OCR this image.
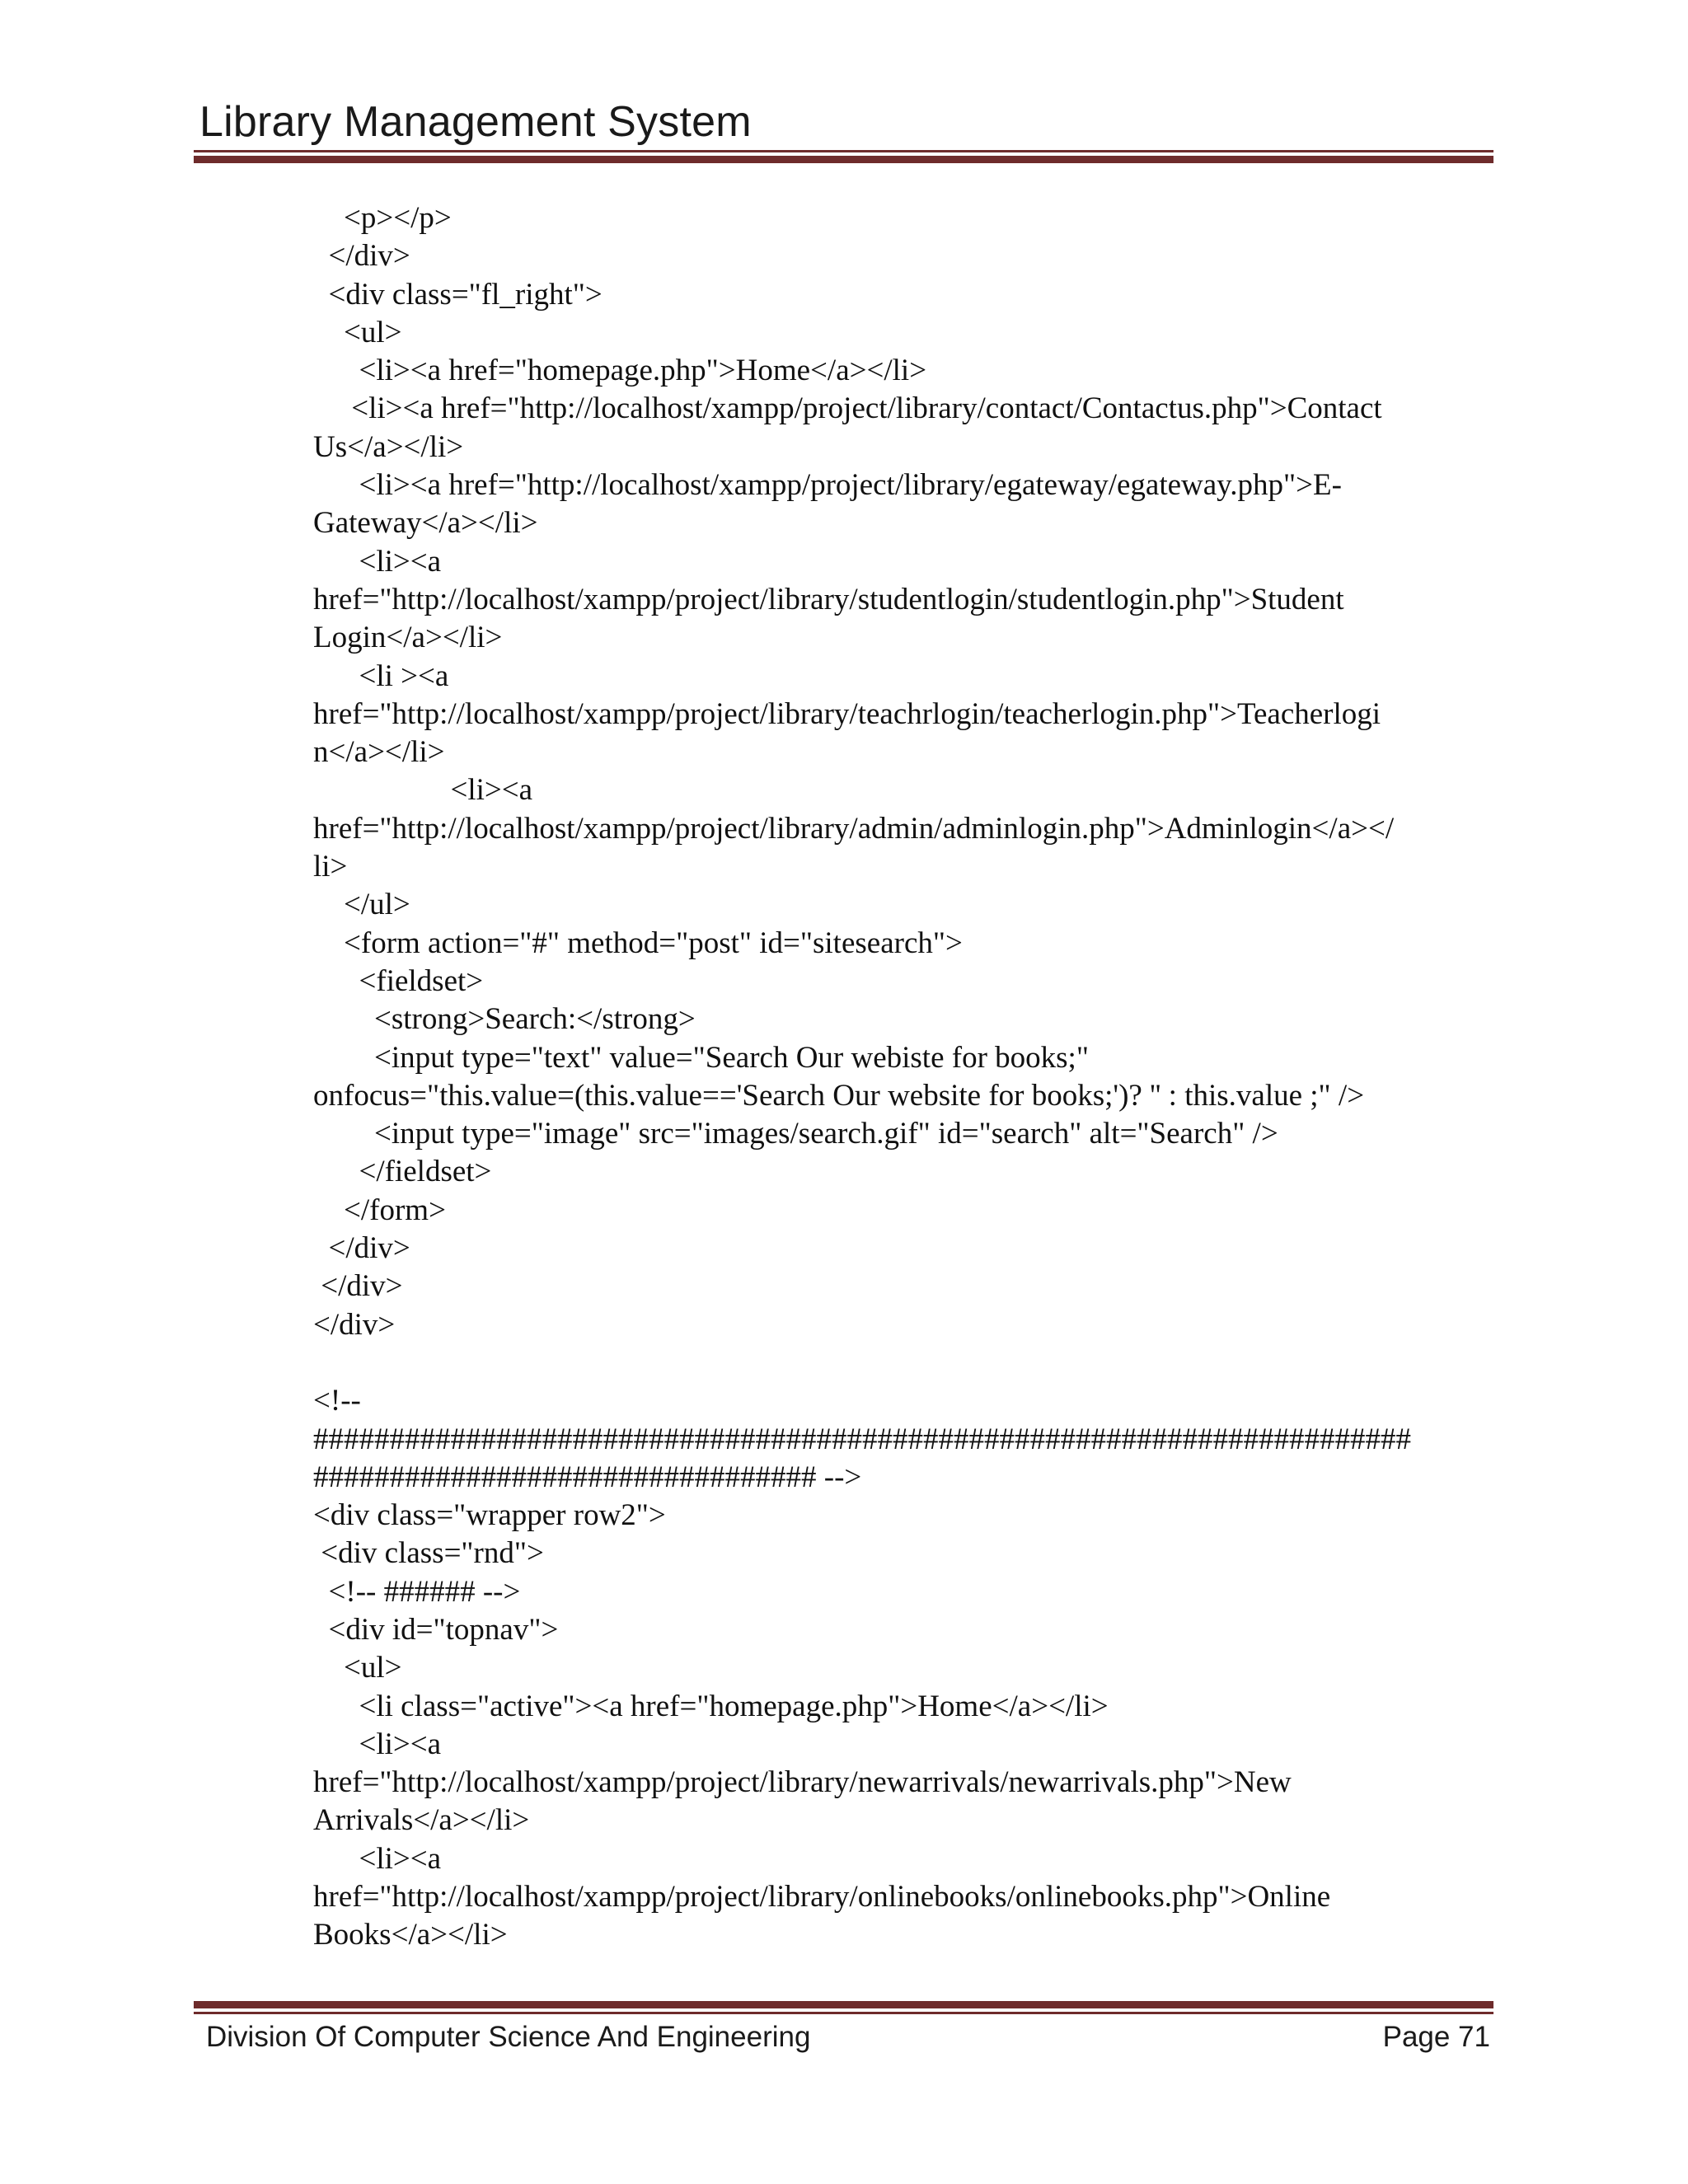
Library Management System
<p></p>
</div>
<div class="fl_right">
<ul>
<li><a href="homepage.php">Home</a></li>
<li><a href="http://localhost/xampp/project/library/contact/Contactus.php">Contact
Us</a></li>
<li><a href="http://localhost/xampp/project/library/egateway/egateway.php">E-
Gateway</a></li>
<li><a
href="http://localhost/xampp/project/library/studentlogin/studentlogin.php">Student
Login</a></li>
<li ><a
href="http://localhost/xampp/project/library/teachrlogin/teacherlogin.php">Teacherlogi
n</a></li>
<li><a
href="http://localhost/xampp/project/library/admin/adminlogin.php">Adminlogin</a></
li>
</ul>
<form action="#" method="post" id="sitesearch">
<fieldset>
<strong>Search:</strong>
<input type="text" value="Search Our webiste for books;"
onfocus="this.value=(this.value=='Search Our website for books;')? '' : this.value ;" />
<input type="image" src="images/search.gif" id="search" alt="Search" />
</fieldset>
</form>
</div>
</div>
</div>
<!--
########################################################################
################################# -->
<div class="wrapper row2">
<div class="rnd">
<!-- ###### -->
<div id="topnav">
<ul>
<li class="active"><a href="homepage.php">Home</a></li>
<li><a
href="http://localhost/xampp/project/library/newarrivals/newarrivals.php">New
Arrivals</a></li>
<li><a
href="http://localhost/xampp/project/library/onlinebooks/onlinebooks.php">Online
Books</a></li>
Division Of Computer Science And Engineering	Page 71
